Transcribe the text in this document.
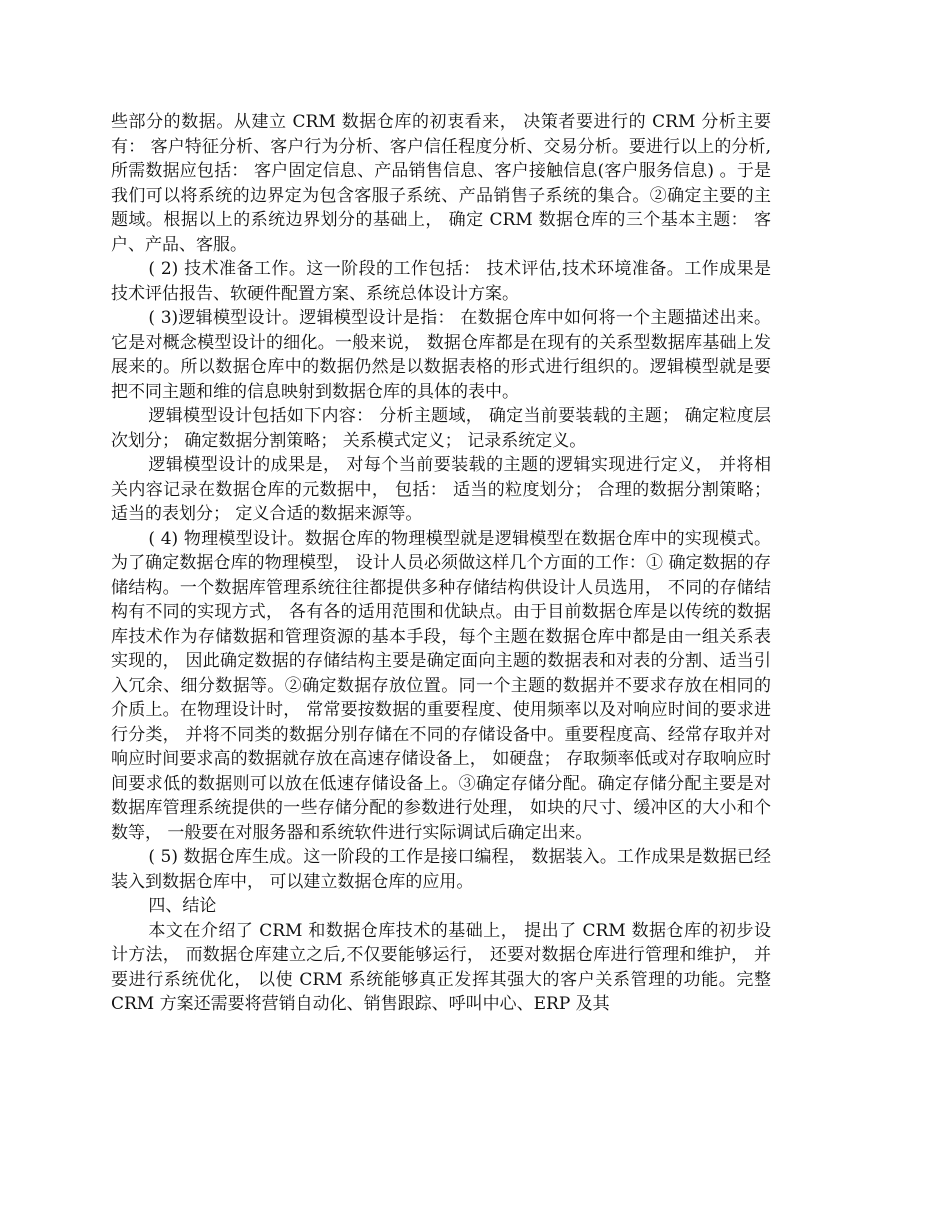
些部分的数据。从建立 CRM 数据仓库的初衷看来， 决策者要进行的 CRM 分析主要有： 客户特征分析、客户行为分析、客户信任程度分析、交易分析。要进行以上的分析,所需数据应包括： 客户固定信息、产品销售信息、客户接触信息(客户服务信息) 。于是我们可以将系统的边界定为包含客服子系统、产品销售子系统的集合。②确定主要的主题域。根据以上的系统边界划分的基础上， 确定 CRM 数据仓库的三个基本主题： 客户、产品、客服。

( 2) 技术准备工作。这一阶段的工作包括： 技术评估,技术环境准备。工作成果是技术评估报告、软硬件配置方案、系统总体设计方案。

( 3)逻辑模型设计。逻辑模型设计是指： 在数据仓库中如何将一个主题描述出来。它是对概念模型设计的细化。一般来说， 数据仓库都是在现有的关系型数据库基础上发展来的。所以数据仓库中的数据仍然是以数据表格的形式进行组织的。逻辑模型就是要把不同主题和维的信息映射到数据仓库的具体的表中。

逻辑模型设计包括如下内容： 分析主题域， 确定当前要装载的主题； 确定粒度层次划分； 确定数据分割策略； 关系模式定义； 记录系统定义。

逻辑模型设计的成果是， 对每个当前要装载的主题的逻辑实现进行定义， 并将相关内容记录在数据仓库的元数据中， 包括： 适当的粒度划分； 合理的数据分割策略； 适当的表划分； 定义合适的数据来源等。

( 4) 物理模型设计。数据仓库的物理模型就是逻辑模型在数据仓库中的实现模式。为了确定数据仓库的物理模型， 设计人员必须做这样几个方面的工作：① 确定数据的存储结构。一个数据库管理系统往往都提供多种存储结构供设计人员选用， 不同的存储结构有不同的实现方式， 各有各的适用范围和优缺点。由于目前数据仓库是以传统的数据库技术作为存储数据和管理资源的基本手段，每个主题在数据仓库中都是由一组关系表实现的， 因此确定数据的存储结构主要是确定面向主题的数据表和对表的分割、适当引入冗余、细分数据等。②确定数据存放位置。同一个主题的数据并不要求存放在相同的介质上。在物理设计时， 常常要按数据的重要程度、使用频率以及对响应时间的要求进行分类， 并将不同类的数据分别存储在不同的存储设备中。重要程度高、经常存取并对响应时间要求高的数据就存放在高速存储设备上， 如硬盘； 存取频率低或对存取响应时间要求低的数据则可以放在低速存储设备上。③确定存储分配。确定存储分配主要是对数据库管理系统提供的一些存储分配的参数进行处理， 如块的尺寸、缓冲区的大小和个数等， 一般要在对服务器和系统软件进行实际调试后确定出来。

( 5) 数据仓库生成。这一阶段的工作是接口编程， 数据装入。工作成果是数据已经装入到数据仓库中， 可以建立数据仓库的应用。

四、结论

本文在介绍了 CRM 和数据仓库技术的基础上， 提出了 CRM 数据仓库的初步设计方法， 而数据仓库建立之后,不仅要能够运行， 还要对数据仓库进行管理和维护， 并要进行系统优化， 以使 CRM 系统能够真正发挥其强大的客户关系管理的功能。完整 CRM 方案还需要将营销自动化、销售跟踪、呼叫中心、ERP 及其
